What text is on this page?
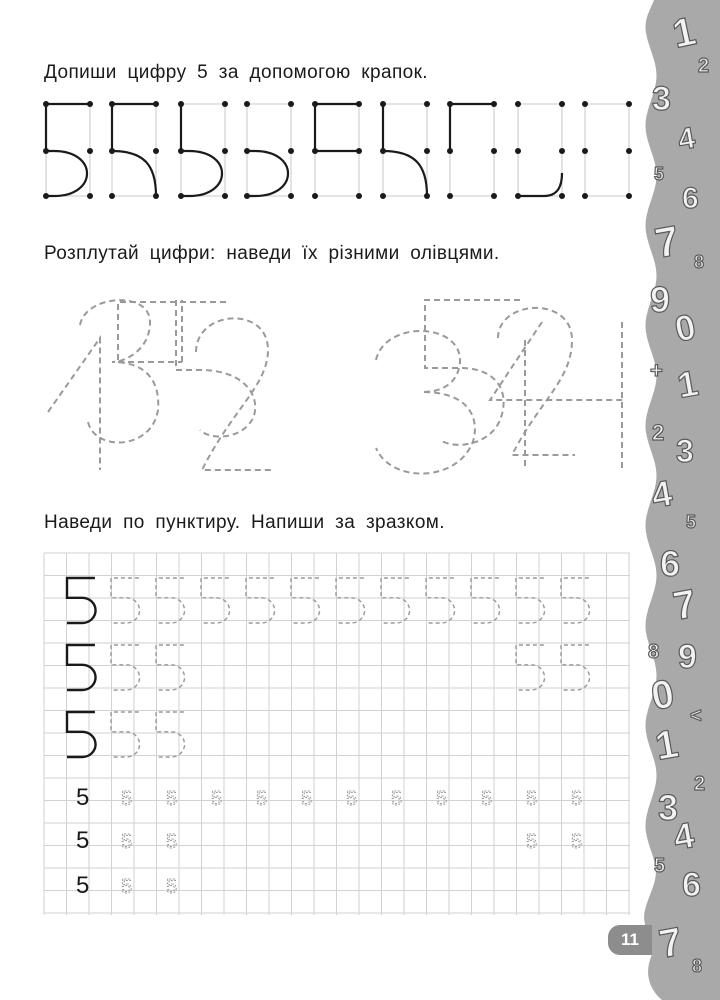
Допиши цифру 5 за допомогою крапок.
Розплутай цифри: наведи їх різними олівцями.
Наведи по пунктиру. Напиши за зразком.
5 5 5 5 5 5 5 5 5 5 5 5
5 5 5	5 5
5 5 5
1
2
3
4
5
6
7 8
9
0
+ 1
2
3
4
5
6
7
8 9
0 <
1
2
3
4
5 6
7 8
11
